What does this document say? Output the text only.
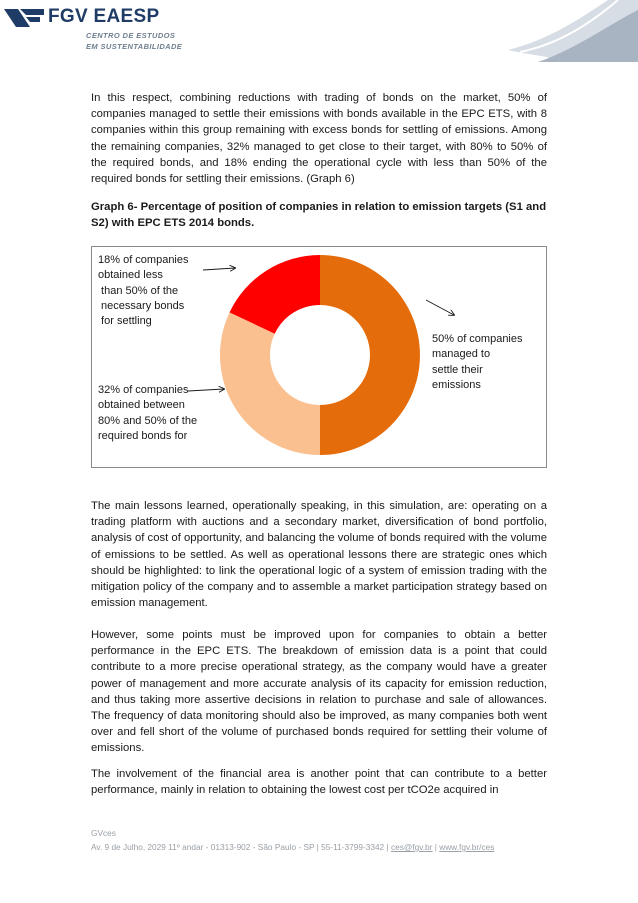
FGV EAESP
CENTRO DE ESTUDOS
EM SUSTENTABILIDADE
In this respect, combining reductions with trading of bonds on the market, 50% of companies managed to settle their emissions with bonds available in the EPC ETS, with 8 companies within this group remaining with excess bonds for settling of emissions. Among the remaining companies, 32% managed to get close to their target, with 80% to 50% of the required bonds, and 18% ending the operational cycle with less than 50% of the required bonds for settling their emissions. (Graph 6)
Graph 6- Percentage of position of companies in relation to emission targets (S1 and S2) with EPC ETS 2014 bonds.
50% of companies
managed to
settle their
emissions
32% of companies
obtained between
80% and 50% of the
required bonds for
18% of companies
obtained less
than 50% of the
necessary bonds
for settling
The main lessons learned, operationally speaking, in this simulation, are: operating on a trading platform with auctions and a secondary market, diversification of bond portfolio, analysis of cost of opportunity, and balancing the volume of bonds required with the volume of emissions to be settled. As well as operational lessons there are strategic ones which should be highlighted: to link the operational logic of a system of emission trading with the mitigation policy of the company and to assemble a market participation strategy based on emission management.
However, some points must be improved upon for companies to obtain a better performance in the EPC ETS. The breakdown of emission data is a point that could contribute to a more precise operational strategy, as the company would have a greater power of management and more accurate analysis of its capacity for emission reduction, and thus taking more assertive decisions in relation to purchase and sale of allowances. The frequency of data monitoring should also be improved, as many companies both went over and fell short of the volume of purchased bonds required for settling their volume of emissions.
The involvement of the financial area is another point that can contribute to a better performance, mainly in relation to obtaining the lowest cost per tCO2e acquired in
GVces
Av. 9 de Julho, 2029 11º andar - 01313-902 - São Paulo - SP | 55-11-3799-3342 | ces@fgv.br | www.fgv.br/ces
